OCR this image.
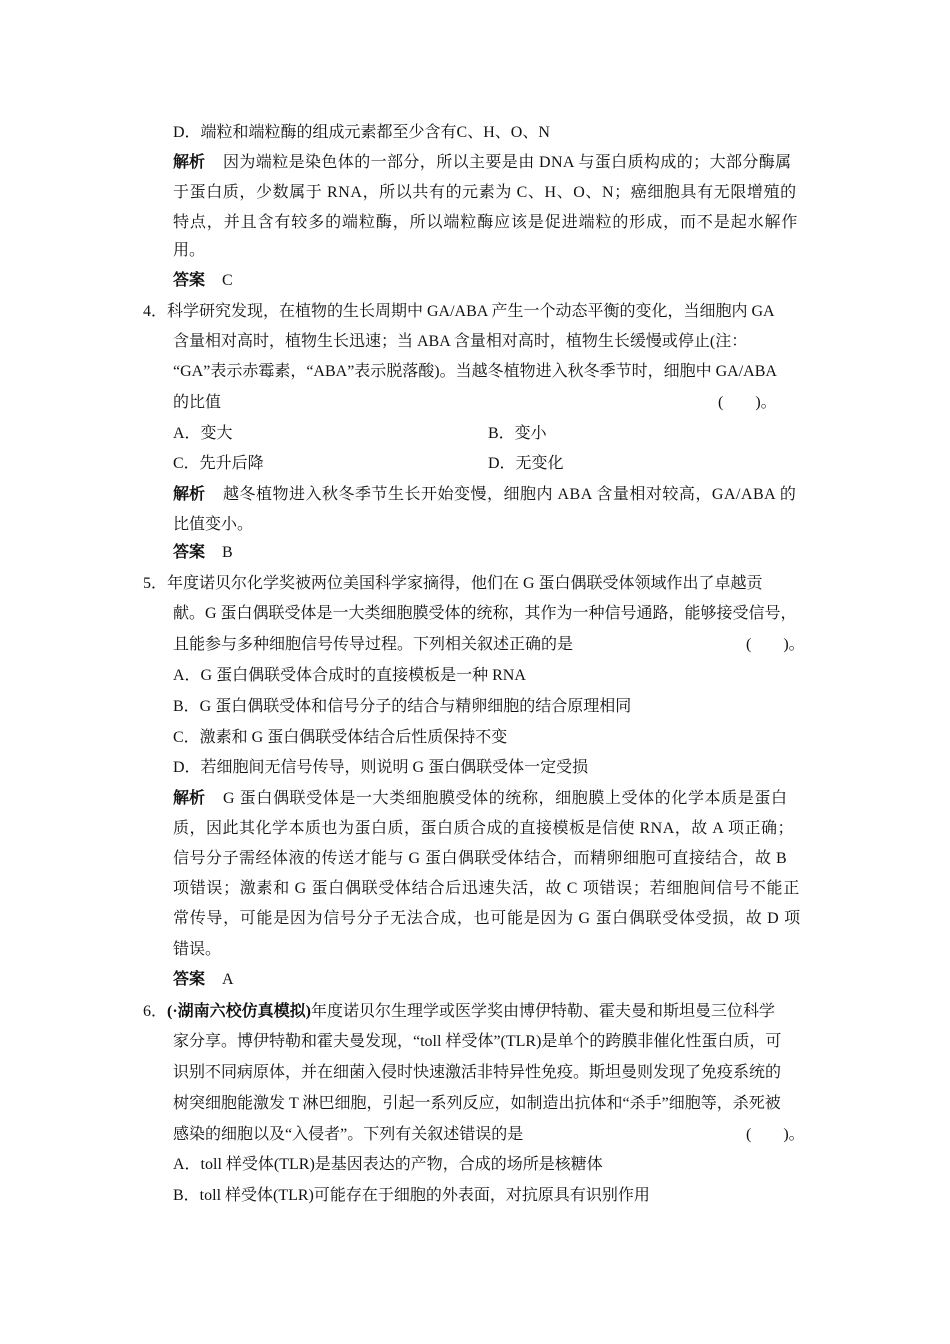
D．端粒和端粒酶的组成元素都至少含有C、H、O、N
解析 因为端粒是染色体的一部分，所以主要是由 DNA 与蛋白质构成的；大部分酶属
于蛋白质，少数属于 RNA，所以共有的元素为 C、H、O、N；癌细胞具有无限增殖的
特点，并且含有较多的端粒酶，所以端粒酶应该是促进端粒的形成，而不是起水解作
用。
答案 C
4．科学研究发现，在植物的生长周期中 GA/ABA 产生一个动态平衡的变化，当细胞内 GA
含量相对高时，植物生长迅速；当 ABA 含量相对高时，植物生长缓慢或停止(注：
“GA”表示赤霉素，“ABA”表示脱落酸)。当越冬植物进入秋冬季节时，细胞中 GA/ABA
的比值	(　　)。
A．变大	B．变小
C．先升后降	D．无变化
解析 越冬植物进入秋冬季节生长开始变慢，细胞内 ABA 含量相对较高，GA/ABA 的
比值变小。
答案 B
5．年度诺贝尔化学奖被两位美国科学家摘得，他们在 G 蛋白偶联受体领域作出了卓越贡
献。G 蛋白偶联受体是一大类细胞膜受体的统称，其作为一种信号通路，能够接受信号，
且能参与多种细胞信号传导过程。下列相关叙述正确的是	(　　)。
A．G 蛋白偶联受体合成时的直接模板是一种 RNA
B．G 蛋白偶联受体和信号分子的结合与精卵细胞的结合原理相同
C．激素和 G 蛋白偶联受体结合后性质保持不变
D．若细胞间无信号传导，则说明 G 蛋白偶联受体一定受损
解析 G 蛋白偶联受体是一大类细胞膜受体的统称，细胞膜上受体的化学本质是蛋白
质，因此其化学本质也为蛋白质，蛋白质合成的直接模板是信使 RNA，故 A 项正确；
信号分子需经体液的传送才能与 G 蛋白偶联受体结合，而精卵细胞可直接结合，故 B
项错误；激素和 G 蛋白偶联受体结合后迅速失活，故 C 项错误；若细胞间信号不能正
常传导，可能是因为信号分子无法合成，也可能是因为 G 蛋白偶联受体受损，故 D 项
错误。
答案 A
6．(·湖南六校仿真模拟)年度诺贝尔生理学或医学奖由博伊特勒、霍夫曼和斯坦曼三位科学
家分享。博伊特勒和霍夫曼发现，“toll 样受体”(TLR)是单个的跨膜非催化性蛋白质，可
识别不同病原体，并在细菌入侵时快速激活非特异性免疫。斯坦曼则发现了免疫系统的
树突细胞能激发 T 淋巴细胞，引起一系列反应，如制造出抗体和“杀手”细胞等，杀死被
感染的细胞以及“入侵者”。下列有关叙述错误的是	(　　)。
A．toll 样受体(TLR)是基因表达的产物，合成的场所是核糖体
B．toll 样受体(TLR)可能存在于细胞的外表面，对抗原具有识别作用
